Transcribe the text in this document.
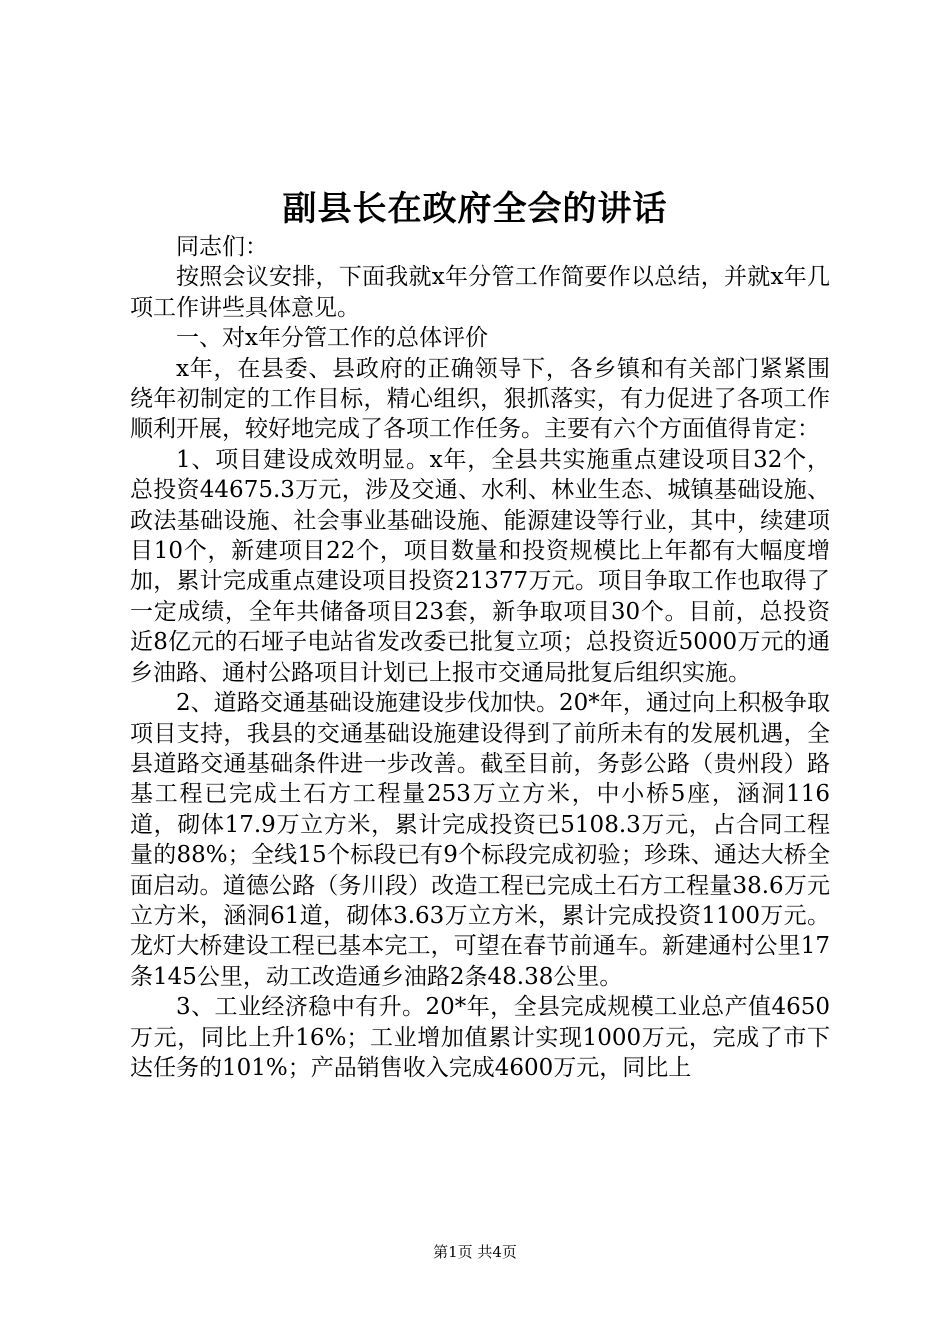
副县长在政府全会的讲话

同志们：

按照会议安排，下面我就x年分管工作简要作以总结，并就x年几项工作讲些具体意见。

一、对x年分管工作的总体评价

x年，在县委、县政府的正确领导下，各乡镇和有关部门紧紧围绕年初制定的工作目标，精心组织，狠抓落实，有力促进了各项工作顺利开展，较好地完成了各项工作任务。主要有六个方面值得肯定：

1、项目建设成效明显。x年，全县共实施重点建设项目32个，总投资44675.3万元，涉及交通、水利、林业生态、城镇基础设施、政法基础设施、社会事业基础设施、能源建设等行业，其中，续建项目10个，新建项目22个，项目数量和投资规模比上年都有大幅度增加，累计完成重点建设项目投资21377万元。项目争取工作也取得了一定成绩，全年共储备项目23套，新争取项目30个。目前，总投资近8亿元的石垭子电站省发改委已批复立项；总投资近5000万元的通乡油路、通村公路项目计划已上报市交通局批复后组织实施。

2、道路交通基础设施建设步伐加快。20*年，通过向上积极争取项目支持，我县的交通基础设施建设得到了前所未有的发展机遇，全县道路交通基础条件进一步改善。截至目前，务彭公路（贵州段）路基工程已完成土石方工程量253万立方米，中小桥5座，涵洞116道，砌体17.9万立方米，累计完成投资已5108.3万元，占合同工程量的88%；全线15个标段已有9个标段完成初验；珍珠、通达大桥全面启动。道德公路（务川段）改造工程已完成土石方工程量38.6万元立方米，涵洞61道，砌体3.63万立方米，累计完成投资1100万元。龙灯大桥建设工程已基本完工，可望在春节前通车。新建通村公里17条145公里，动工改造通乡油路2条48.38公里。

3、工业经济稳中有升。20*年，全县完成规模工业总产值4650万元，同比上升16%；工业增加值累计实现1000万元，完成了市下达任务的101%；产品销售收入完成4600万元，同比上

第1页 共4页
